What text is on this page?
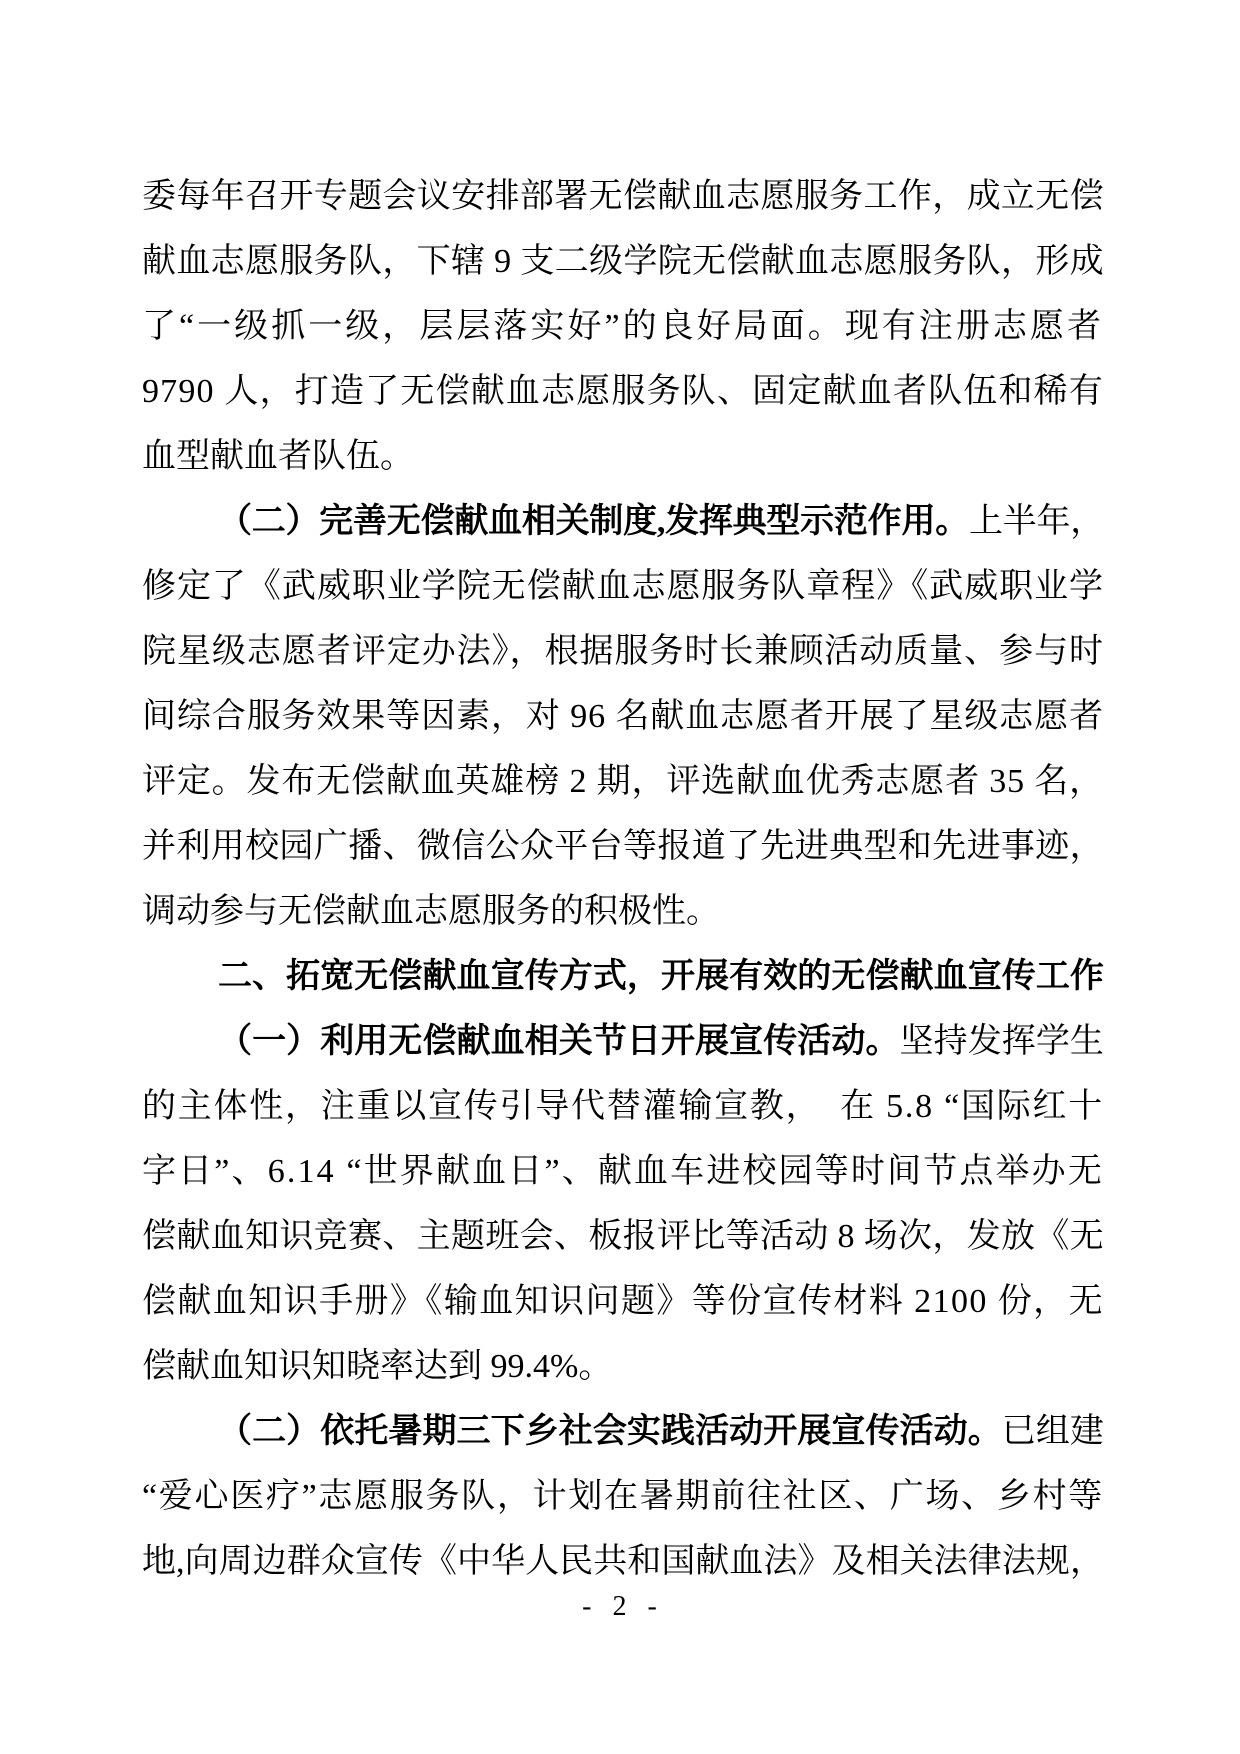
委每年召开专题会议安排部署无偿献血志愿服务工作，成立无偿
献血志愿服务队，下辖 9 支二级学院无偿献血志愿服务队，形成
了“一级抓一级，层层落实好”的良好局面。现有注册志愿者
9790 人，打造了无偿献血志愿服务队、固定献血者队伍和稀有
血型献血者队伍。
（二）完善无偿献血相关制度,发挥典型示范作用。上半年，
修定了《武威职业学院无偿献血志愿服务队章程》《武威职业学
院星级志愿者评定办法》，根据服务时长兼顾活动质量、参与时
间综合服务效果等因素，对 96 名献血志愿者开展了星级志愿者
评定。发布无偿献血英雄榜 2 期，评选献血优秀志愿者 35 名，
并利用校园广播、微信公众平台等报道了先进典型和先进事迹，
调动参与无偿献血志愿服务的积极性。
二、拓宽无偿献血宣传方式，开展有效的无偿献血宣传工作
（一）利用无偿献血相关节日开展宣传活动。坚持发挥学生
的主体性，注重以宣传引导代替灌输宣教，　在 5.8 “国际红十
字日”、6.14 “世界献血日”、献血车进校园等时间节点举办无
偿献血知识竞赛、主题班会、板报评比等活动 8 场次，发放《无
偿献血知识手册》《输血知识问题》等份宣传材料 2100 份，无
偿献血知识知晓率达到 99.4%。
（二）依托暑期三下乡社会实践活动开展宣传活动。已组建
“爱心医疗”志愿服务队，计划在暑期前往社区、广场、乡村等
地,向周边群众宣传《中华人民共和国献血法》及相关法律法规，
- 2 -
